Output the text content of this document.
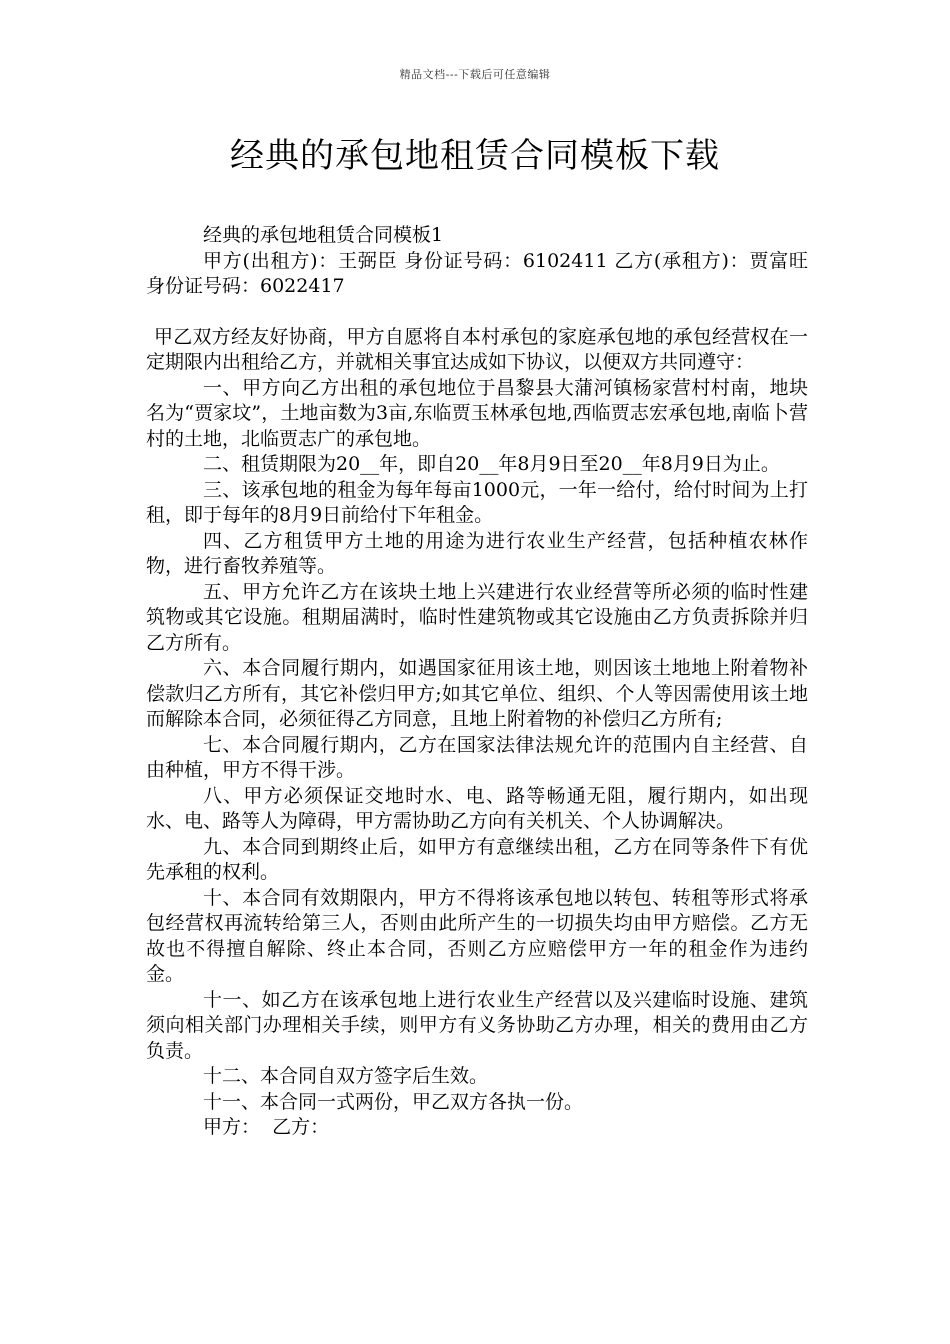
精品文档---下载后可任意编辑
经典的承包地租赁合同模板下载

经典的承包地租赁合同模板1

甲方(出租方)：王弼臣 身份证号码：6102411 乙方(承租方)：贾富旺 身份证号码：6022417

甲乙双方经友好协商，甲方自愿将自本村承包的家庭承包地的承包经营权在一定期限内出租给乙方，并就相关事宜达成如下协议，以便双方共同遵守：

一、甲方向乙方出租的承包地位于昌黎县大蒲河镇杨家营村村南，地块名为“贾家坟”，土地亩数为3亩,东临贾玉林承包地,西临贾志宏承包地,南临卜营村的土地，北临贾志广的承包地。

二、租赁期限为20__年，即自20__年8月9日至20__年8月9日为止。

三、该承包地的租金为每年每亩1000元，一年一给付，给付时间为上打租，即于每年的8月9日前给付下年租金。

四、乙方租赁甲方土地的用途为进行农业生产经营，包括种植农林作物，进行畜牧养殖等。

五、甲方允许乙方在该块土地上兴建进行农业经营等所必须的临时性建筑物或其它设施。租期届满时，临时性建筑物或其它设施由乙方负责拆除并归乙方所有。

六、本合同履行期内，如遇国家征用该土地，则因该土地地上附着物补偿款归乙方所有，其它补偿归甲方;如其它单位、组织、个人等因需使用该土地而解除本合同，必须征得乙方同意，且地上附着物的补偿归乙方所有;

七、本合同履行期内，乙方在国家法律法规允许的范围内自主经营、自由种植，甲方不得干涉。

八、甲方必须保证交地时水、电、路等畅通无阻，履行期内，如出现水、电、路等人为障碍，甲方需协助乙方向有关机关、个人协调解决。

九、本合同到期终止后，如甲方有意继续出租，乙方在同等条件下有优先承租的权利。

十、本合同有效期限内，甲方不得将该承包地以转包、转租等形式将承包经营权再流转给第三人，否则由此所产生的一切损失均由甲方赔偿。乙方无故也不得擅自解除、终止本合同，否则乙方应赔偿甲方一年的租金作为违约金。

十一、如乙方在该承包地上进行农业生产经营以及兴建临时设施、建筑须向相关部门办理相关手续，则甲方有义务协助乙方办理，相关的费用由乙方负责。

十二、本合同自双方签字后生效。

十一、本合同一式两份，甲乙双方各执一份。

甲方： 乙方：
